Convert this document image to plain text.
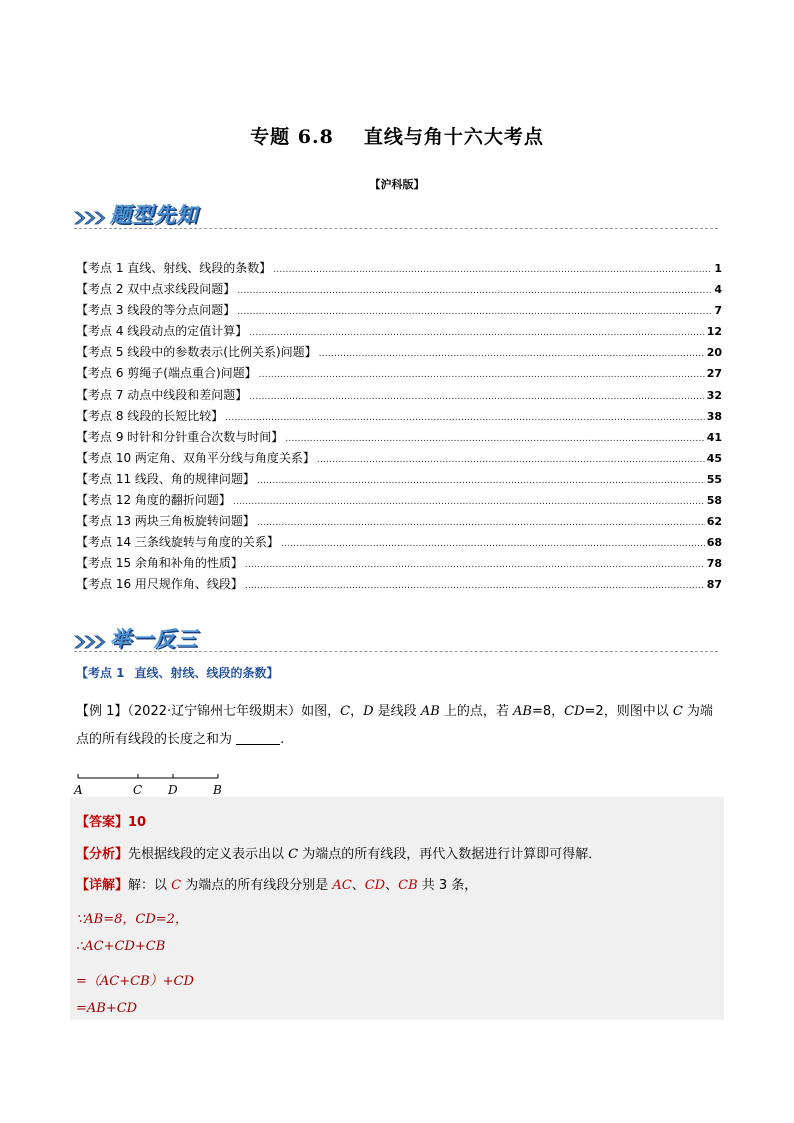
专题 6.8 直线与角十六大考点
【沪科版】
题型先知
【考点 1 直线、射线、线段的条数】 .....	1
【考点 2 双中点求线段问题】 .....	4
【考点 3 线段的等分点问题】 .....	7
【考点 4 线段动点的定值计算】 .....	12
【考点 5 线段中的参数表示(比例关系)问题】 .....	20
【考点 6 剪绳子(端点重合)问题】 .....	27
【考点 7 动点中线段和差问题】 .....	32
【考点 8 线段的长短比较】 .....	38
【考点 9 时针和分针重合次数与时间】 .....	41
【考点 10 两定角、双角平分线与角度关系】 .....	45
【考点 11 线段、角的规律问题】 .....	55
【考点 12 角度的翻折问题】 .....	58
【考点 13 两块三角板旋转问题】 .....	62
【考点 14 三条线旋转与角度的关系】 .....	68
【考点 15 余角和补角的性质】 .....	78
【考点 16 用尺规作角、线段】 .....	87
举一反三
【考点 1 直线、射线、线段的条数】
【例 1】（2022·辽宁锦州七年级期末）如图，C，D 是线段 AB 上的点，若 AB=8，CD=2，则图中以 C 为端点的所有线段的长度之和为	.
A	C D	B
【答案】10
【分析】先根据线段的定义表示出以 C 为端点的所有线段，再代入数据进行计算即可得解．
【详解】解：以 C 为端点的所有线段分别是 AC、CD、CB 共 3 条，
∵AB=8，CD=2，
∴AC+CD+CB
=（AC+CB）+CD
=AB+CD
